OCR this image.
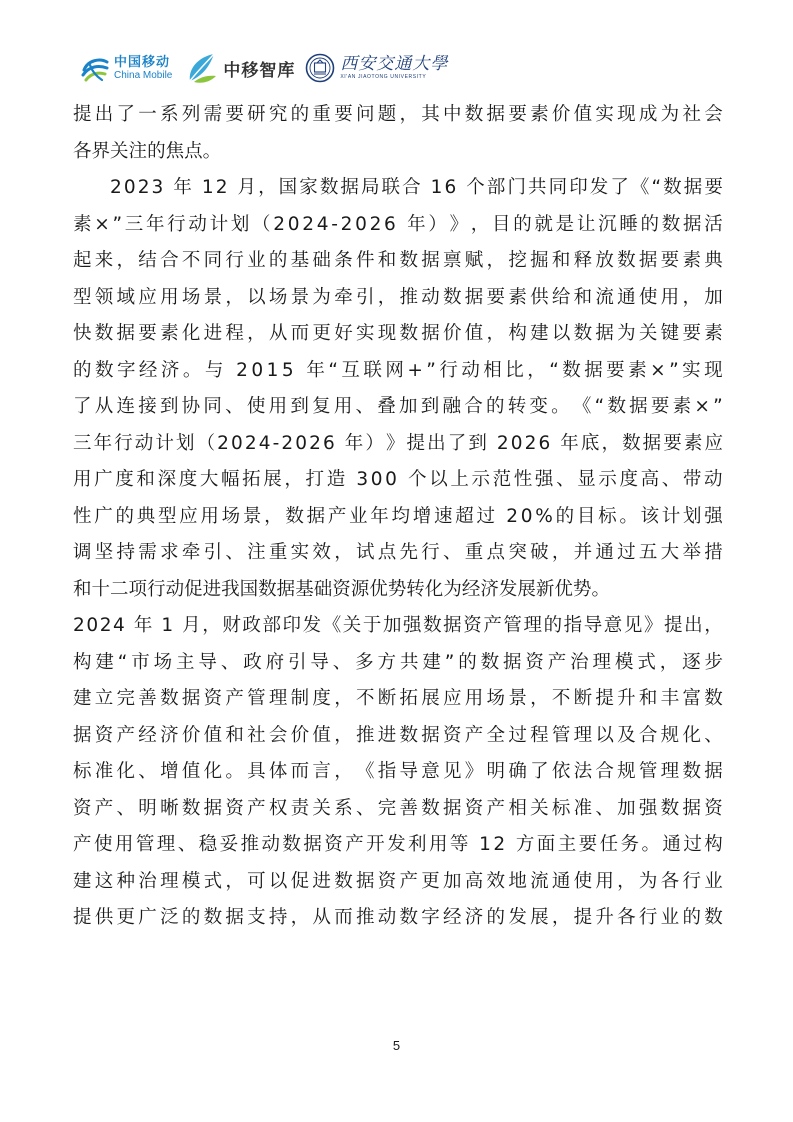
中国移动
China Mobile	中移智库	西安交通大學
XI'AN JIAOTONG UNIVERSITY
提 出 了 一 系 列 需 要 研 究 的 重 要 问 题 ， 其 中 数 据 要 素 价 值 实 现 成 为 社 会
各 界 关 注 的 焦 点 。
2 0 2 3
年
1 2
月 ， 国 家 数 据 局 联 合
1 6
个 部 门 共 同 印 发 了 《 “ 数 据 要
素 × ” 三 年 行 动 计 划 （ 2 0 2 4 - 2 0 2 6
年 ） 》 ， 目 的 就 是 让 沉 睡 的 数 据 活
起 来 ， 结 合 不 同 行 业 的 基 础 条 件 和 数 据 禀 赋 ， 挖 掘 和 释 放 数 据 要 素 典
型 领 域 应 用 场 景 ， 以 场 景 为 牵 引 ， 推 动 数 据 要 素 供 给 和 流 通 使 用 ， 加
快 数 据 要 素 化 进 程 ， 从 而 更 好 实 现 数 据 价 值 ， 构 建 以 数 据 为 关 键 要 素
的 数 字 经 济 。 与
2 0 1 5
年 “ 互 联 网 + ” 行 动 相 比 ， “ 数 据 要 素 × ” 实 现
了 从 连 接 到 协 同 、 使 用 到 复 用 、 叠 加 到 融 合 的 转 变 。 《 “ 数 据 要 素 × ”
三 年 行 动 计 划 （ 2 0 2 4 - 2 0 2 6
年 ） 》 提 出 了 到
2 0 2 6
年 底 ， 数 据 要 素 应
用 广 度 和 深 度 大 幅 拓 展 ， 打 造
3 0 0
个 以 上 示 范 性 强 、 显 示 度 高 、 带 动
性 广 的 典 型 应 用 场 景 ， 数 据 产 业 年 均 增 速 超 过
2 0 % 的 目 标 。 该 计 划 强
调 坚 持 需 求 牵 引 、 注 重 实 效 ， 试 点 先 行 、 重 点 突 破 ， 并 通 过 五 大 举 措
和 十 二 项 行 动 促 进 我 国 数 据 基 础 资 源 优 势 转 化 为 经 济 发 展 新 优 势 。
2 0 2 4
年
1
月 ， 财 政 部 印 发 《 关 于 加 强 数 据 资 产 管 理 的 指 导 意 见 》 提 出 ，
构 建 “ 市 场 主 导 、 政 府 引 导 、 多 方 共 建 ” 的 数 据 资 产 治 理 模 式 ， 逐 步
建 立 完 善 数 据 资 产 管 理 制 度 ， 不 断 拓 展 应 用 场 景 ， 不 断 提 升 和 丰 富 数
据 资 产 经 济 价 值 和 社 会 价 值 ， 推 进 数 据 资 产 全 过 程 管 理 以 及 合 规 化 、
标 准 化 、 增 值 化 。 具 体 而 言 ， 《 指 导 意 见 》 明 确 了 依 法 合 规 管 理 数 据
资 产 、 明 晰 数 据 资 产 权 责 关 系 、 完 善 数 据 资 产 相 关 标 准 、 加 强 数 据 资
产 使 用 管 理 、 稳 妥 推 动 数 据 资 产 开 发 利 用 等
1 2
方 面 主 要 任 务 。 通 过 构
建 这 种 治 理 模 式 ， 可 以 促 进 数 据 资 产 更 加 高 效 地 流 通 使 用 ， 为 各 行 业
提 供 更 广 泛 的 数 据 支 持 ， 从 而 推 动 数 字 经 济 的 发 展 ， 提 升 各 行 业 的 数
5
